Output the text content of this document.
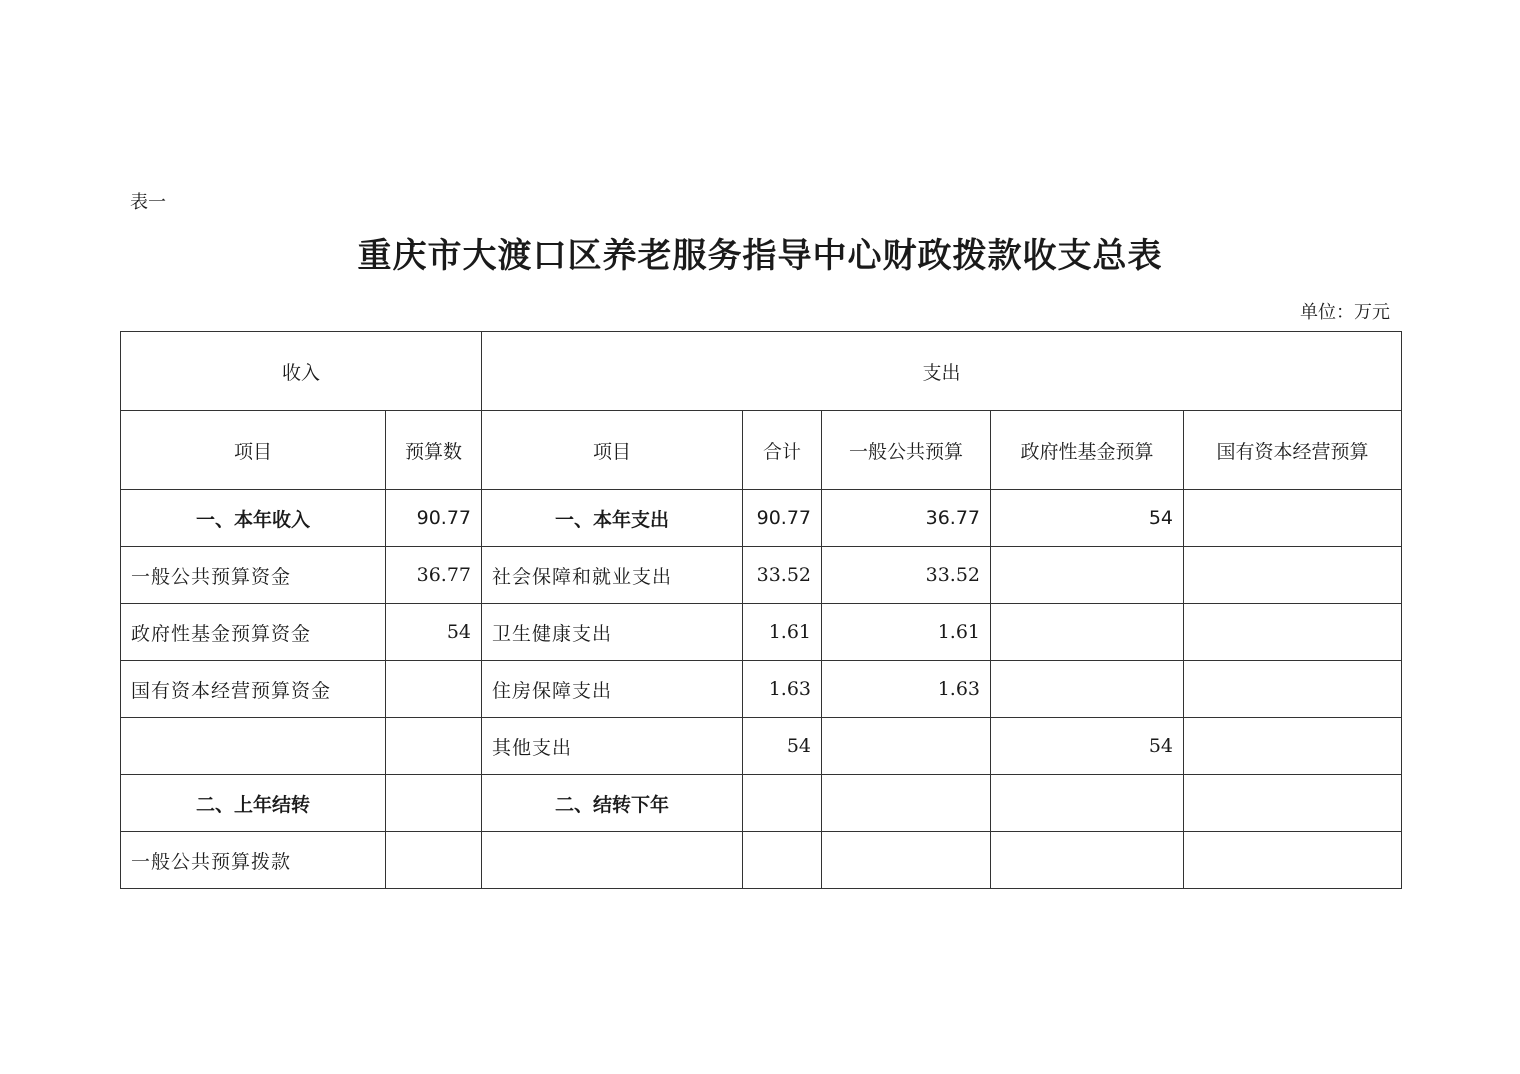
表一
重庆市大渡口区养老服务指导中心财政拨款收支总表
单位：万元
收入		支出				
项目	预算数	项目	合计	一般公共预算	政府性基金预算	国有资本经营预算
一、本年收入	90.77	一、本年支出	90.77	36.77	54	
一般公共预算资金	36.77	社会保障和就业支出	33.52	33.52		
政府性基金预算资金	54	卫生健康支出	1.61	1.61		
国有资本经营预算资金		住房保障支出	1.63	1.63		
		其他支出	54		54	
二、上年结转		二、结转下年				
一般公共预算拨款						
